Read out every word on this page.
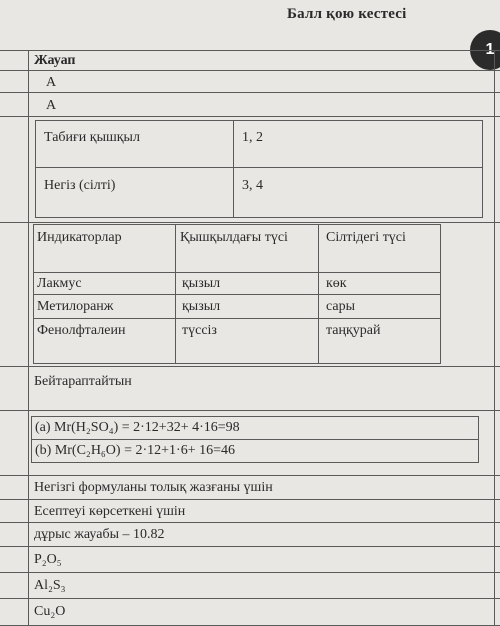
Балл қою кестесі
Жауап
А
А
Табиғи қышқыл	1, 2
Негіз (сілті)	3, 4
Индикаторлар	Қышқылдағы түсі	Сілтідегі түсі
Лакмус	қызыл	көк
Метилоранж	қызыл	сары
Фенолфталеин	түссіз	таңқурай
Бейтараптайтын
(а) Mr(H₂SO₄) = 2·12+32+ 4·16=98
(b) Mr(C₂H₆O) = 2·12+1·6+ 16=46
Негізгі формуланы толық жазғаны үшін
Есептеуі көрсеткені үшін
дұрыс жауабы – 10.82
P₂O₅
Al₂S₃
Cu₂O
